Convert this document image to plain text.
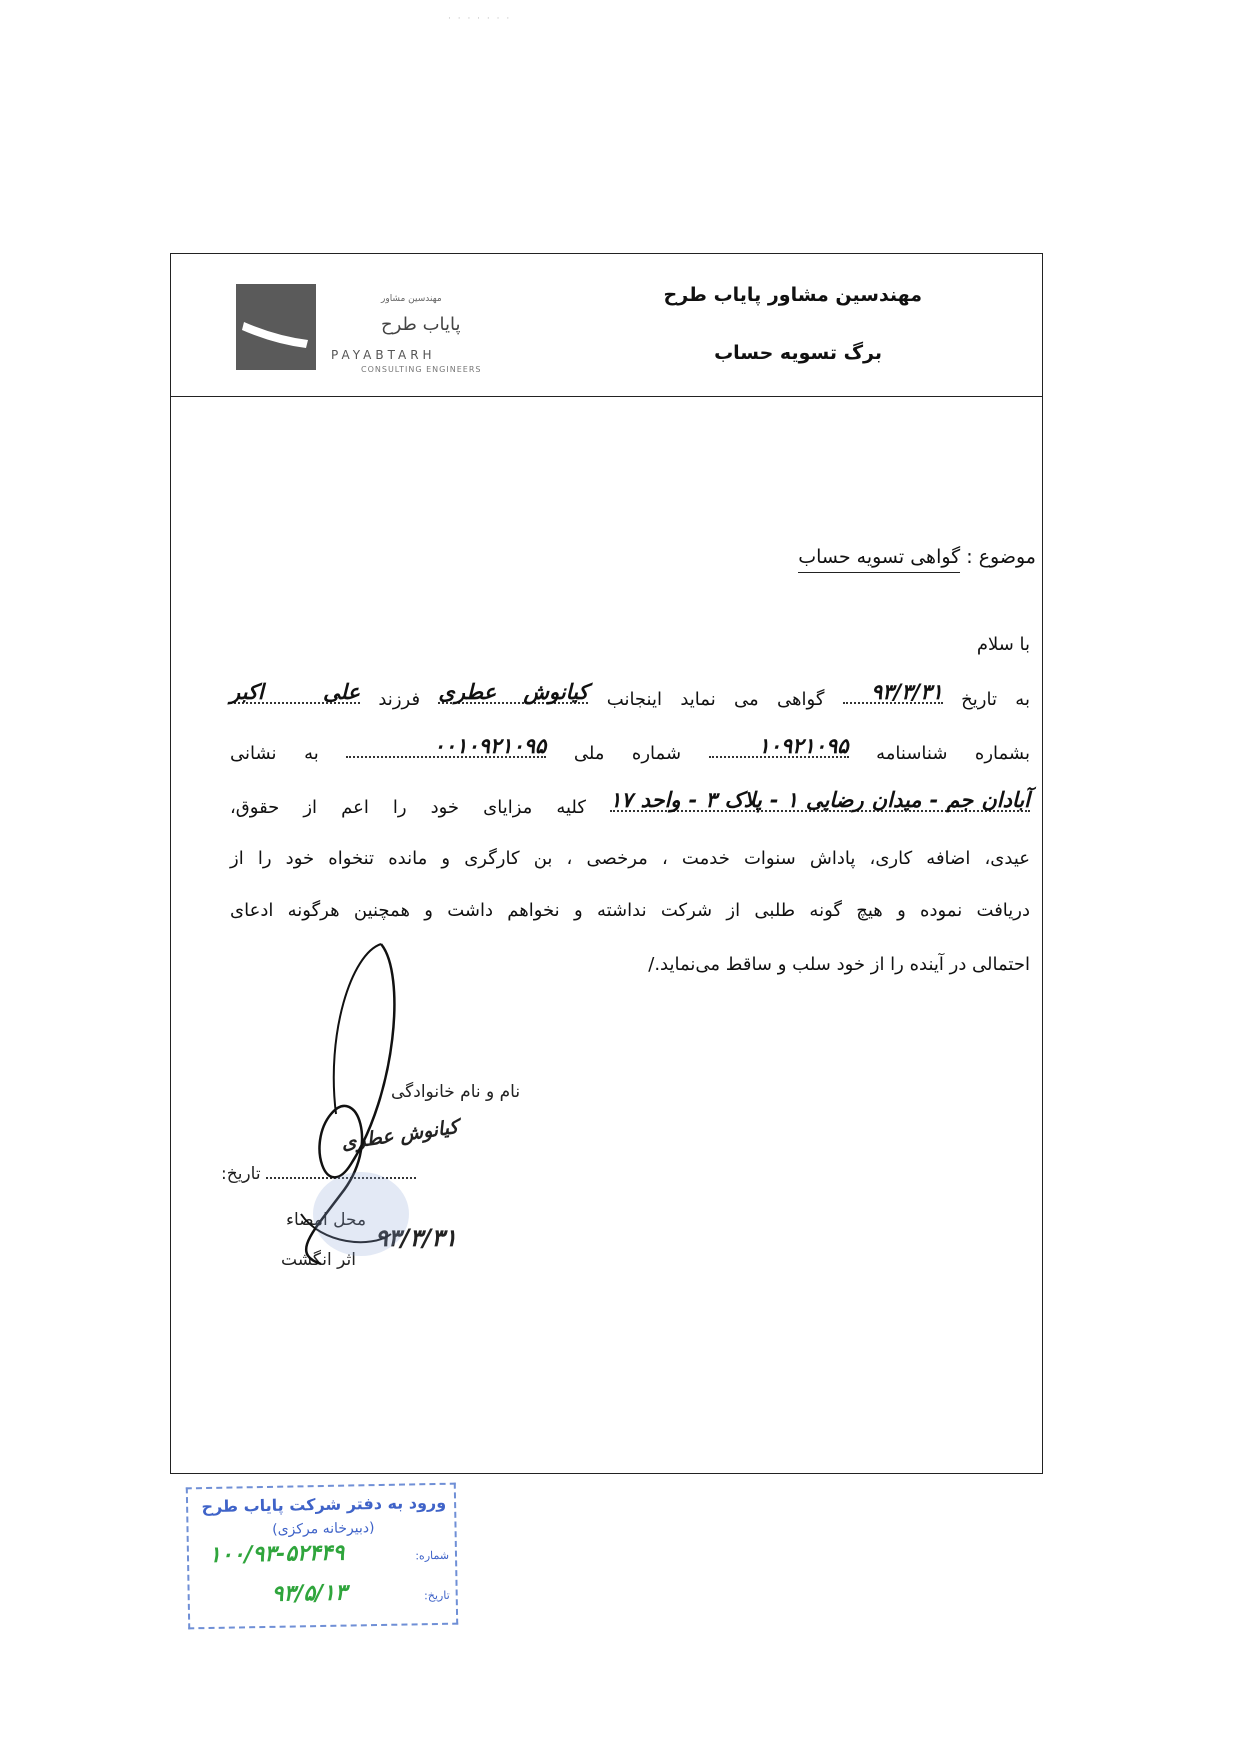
· · · · · · ·
مهندسین مشاور پایاب طرح
برگ تسویه حساب
مهندسین مشاور
پایاب طرح
PAYABTARH
CONSULTING ENGINEERS
موضوع : گواهی تسویه حساب
با سلام
به تاریخ ۹۳/۳/۳۱ گواهی می نماید اینجانب کیانوش عطری فرزند علی اکبر
بشماره شناسنامه ۱۰۹۲۱۰۹۵ شماره ملی ۰۰۱۰۹۲۱۰۹۵ به نشانی
آبادان جم - میدان رضایی ۱ - پلاک ۳ - واحد ۱۷ کلیه مزایای خود را اعم از حقوق،
عیدی، اضافه کاری، پاداش سنوات خدمت ، مرخصی ، بن کارگری و مانده تنخواه خود را از
دریافت نموده و هیچ گونه طلبی از شرکت نداشته و نخواهم داشت و همچنین هرگونه ادعای
احتمالی در آینده را از خود سلب و ساقط می‌نماید./
نام و نام خانوادگی
کیانوش عطری
تاریخ:
محل امضاء
۹۳/۳/۳۱
اثر انگشت
ورود به دفتر شرکت پایاب طرح
(دبیرخانه مرکزی)
شماره:
۱۰۰/۹۳-۵۲۴۴۹
تاریخ:
۹۳/۵/۱۳
